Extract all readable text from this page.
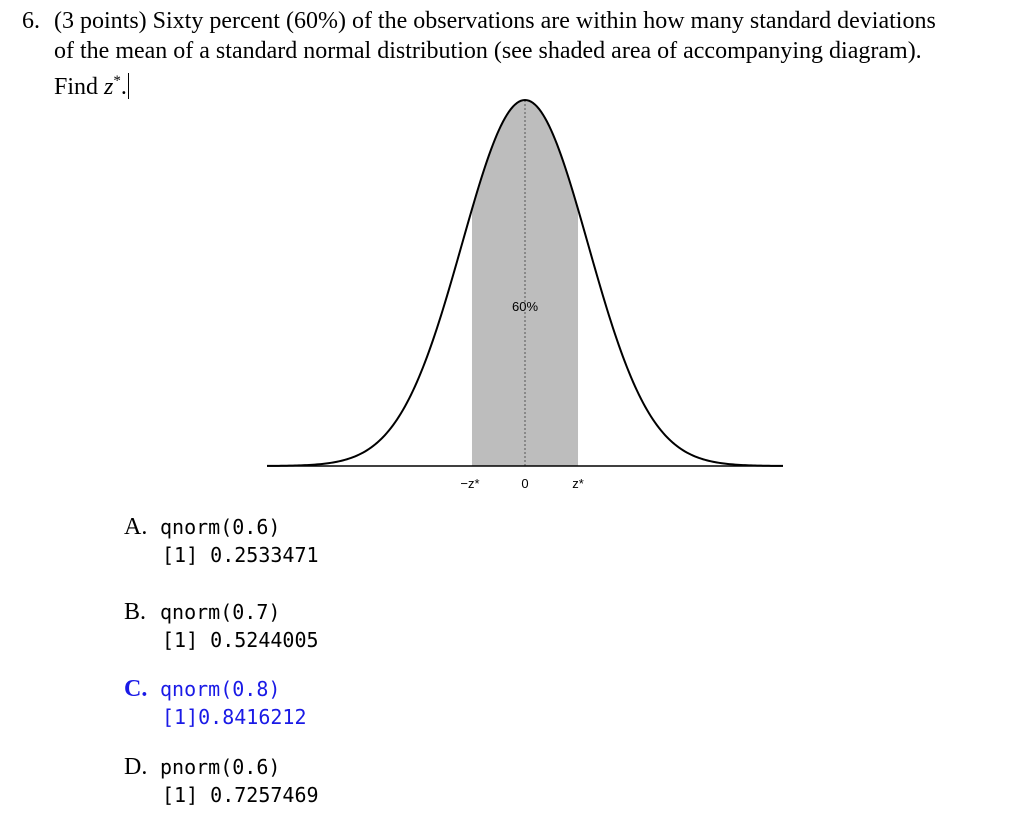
6. (3 points) Sixty percent (60%) of the observations are within how many standard deviations
of the mean of a standard normal distribution (see shaded area of accompanying diagram).
Find z*.
60%
−z*	0	z*
A. qnorm(0.6)
[1] 0.2533471
B. qnorm(0.7)
[1] 0.5244005
C. qnorm(0.8)
[1]0.8416212
D. pnorm(0.6)
[1] 0.7257469
